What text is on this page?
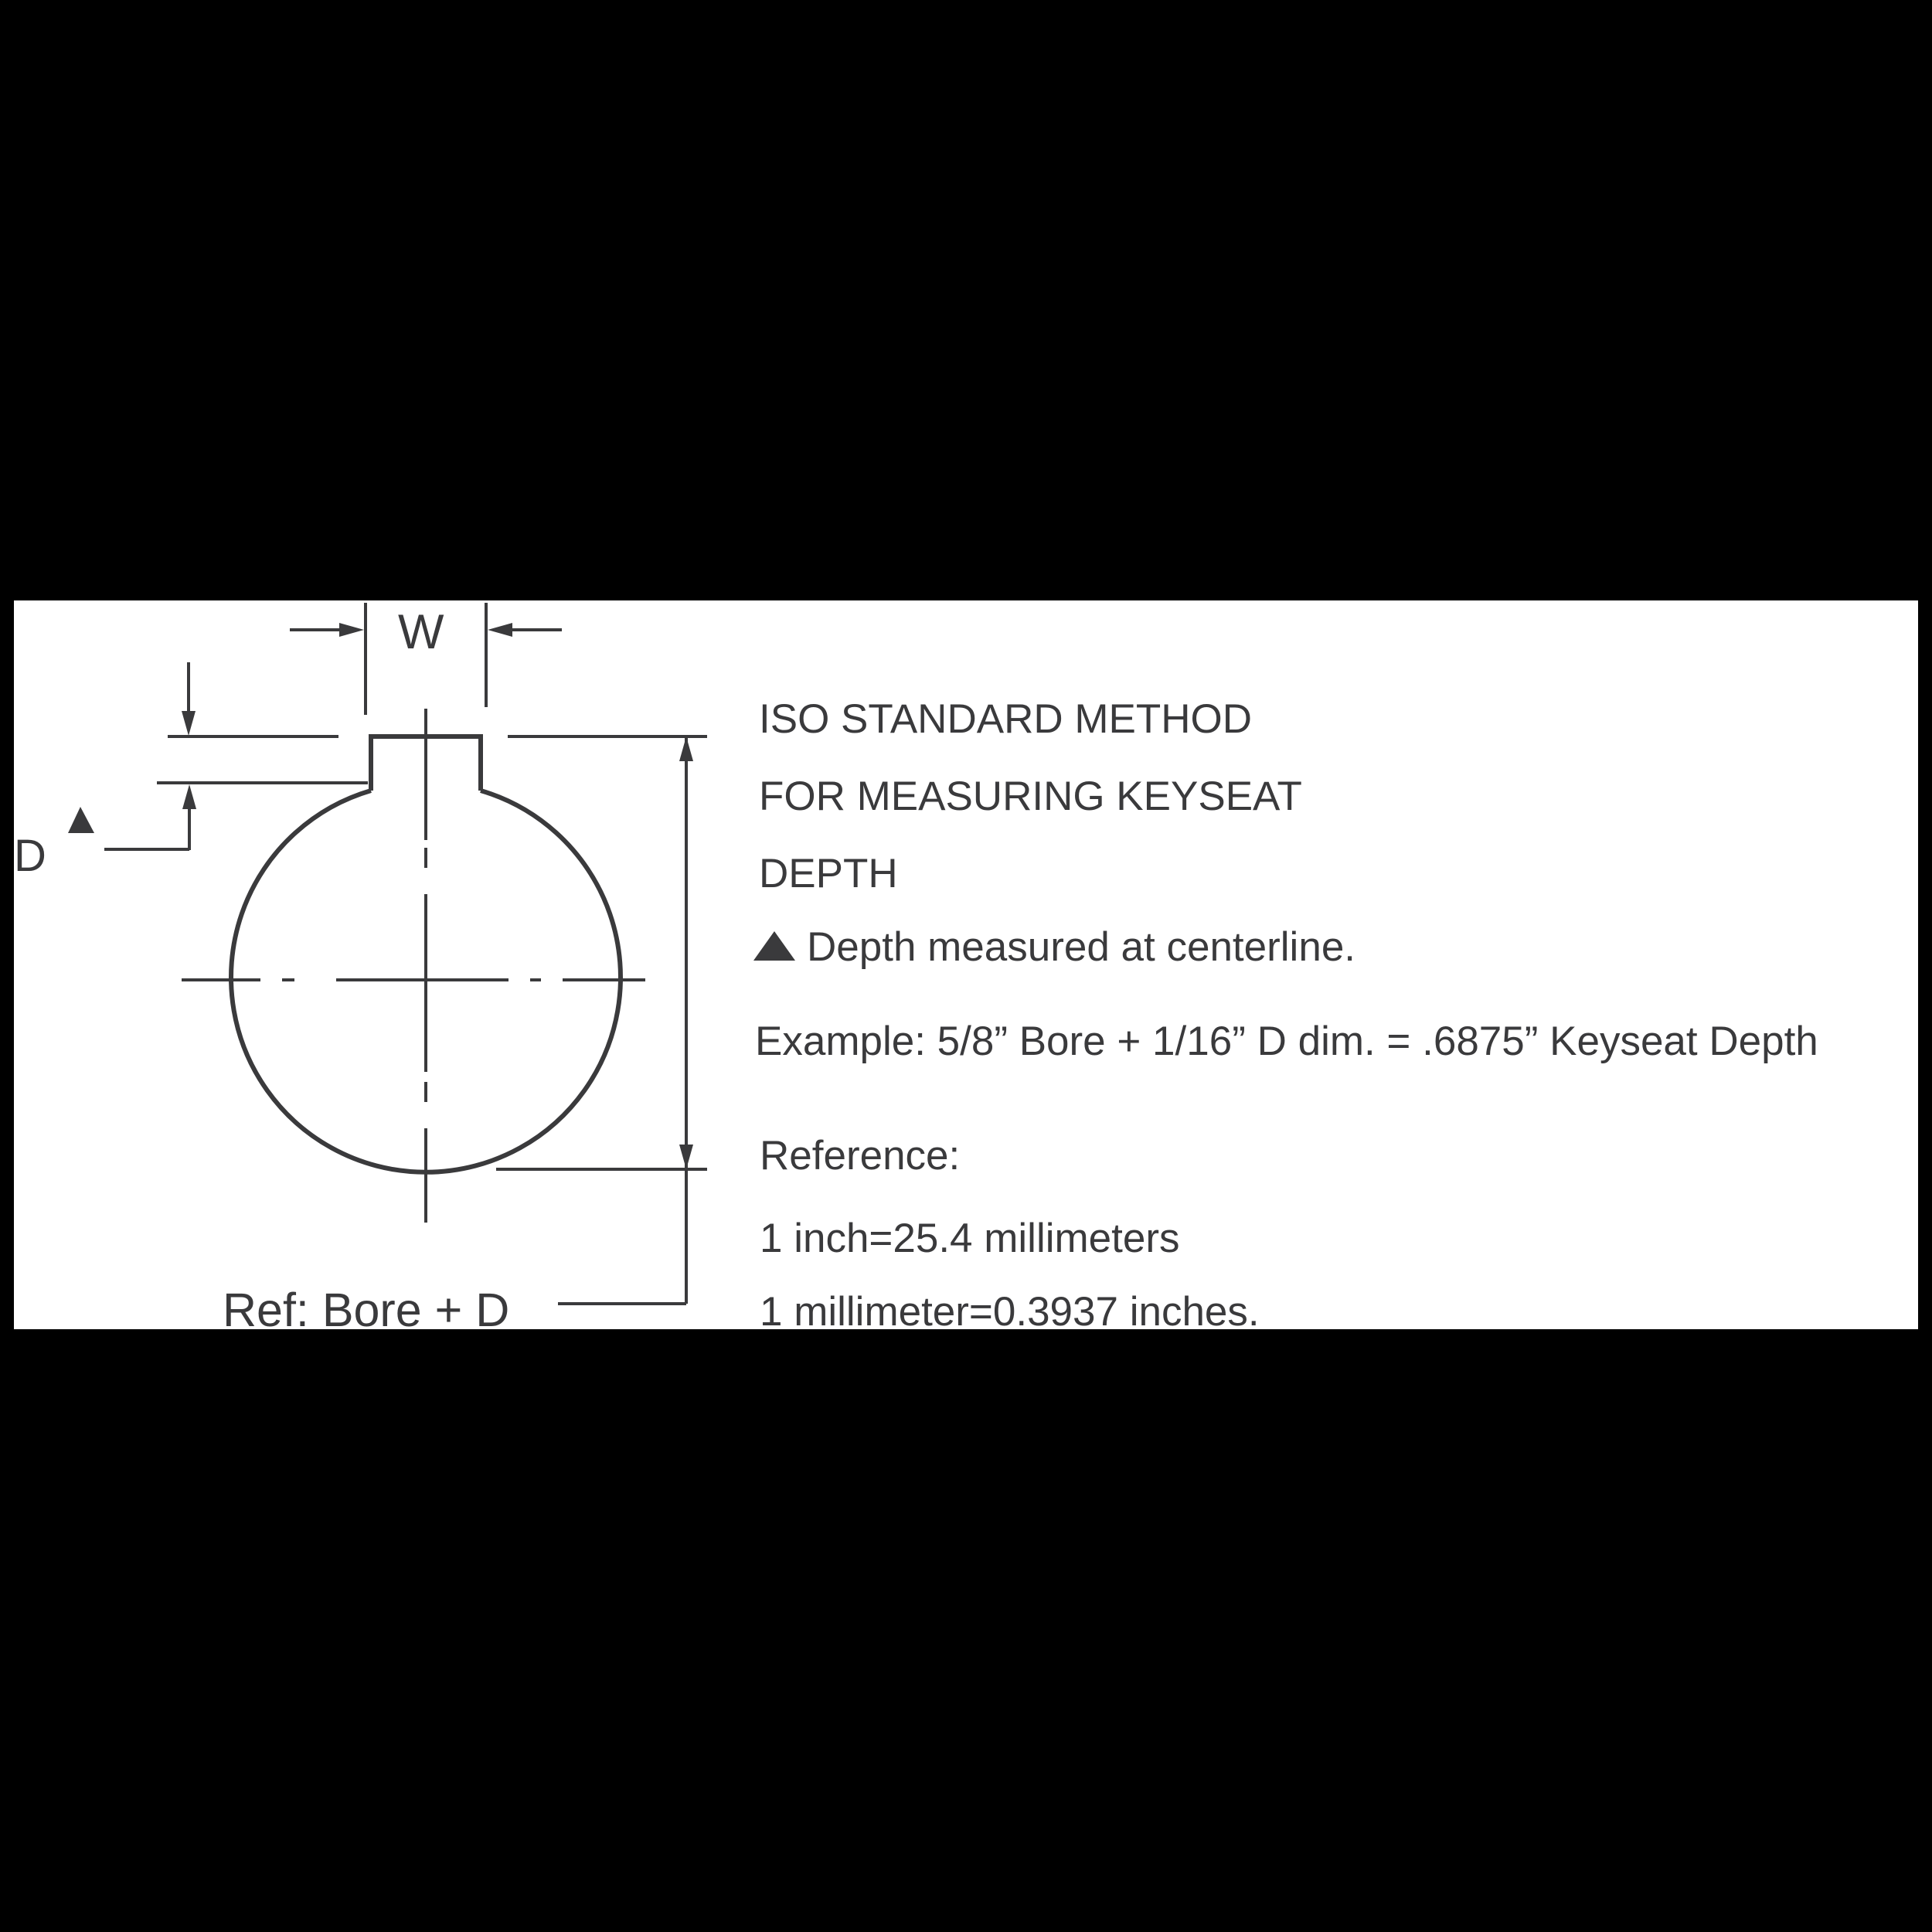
W
D
Ref: Bore + D
ISO STANDARD METHOD
FOR MEASURING KEYSEAT
DEPTH
Depth measured at centerline.
Example: 5/8” Bore + 1/16” D dim. = .6875” Keyseat Depth
Reference:
1 inch=25.4 millimeters
1 millimeter=0.3937 inches.
